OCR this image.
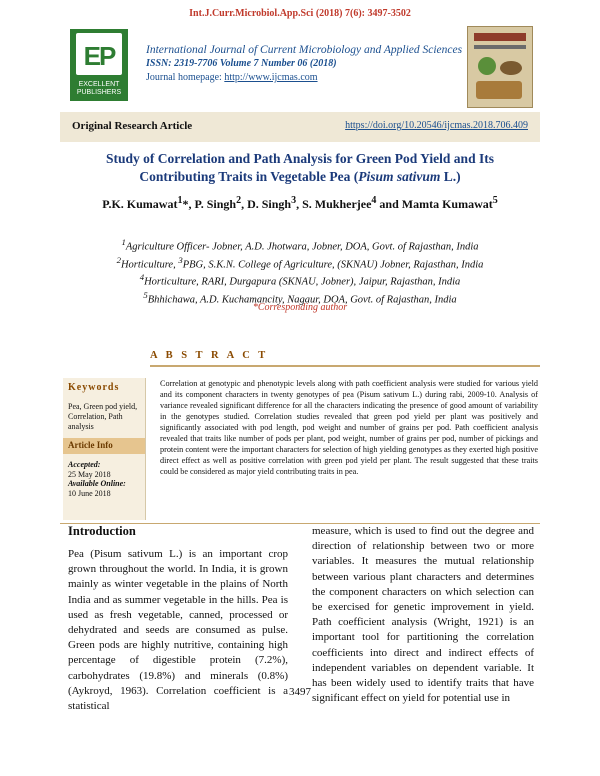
Int.J.Curr.Microbiol.App.Sci (2018) 7(6): 3497-3502
EP
EXCELLENT PUBLISHERS
International Journal of Current Microbiology and Applied Sciences
ISSN: 2319-7706 Volume 7 Number 06 (2018)
Journal homepage: http://www.ijcmas.com
Original Research Article	https://doi.org/10.20546/ijcmas.2018.706.409
Study of Correlation and Path Analysis for Green Pod Yield and Its
Contributing Traits in Vegetable Pea (Pisum sativum L.)
P.K. Kumawat$^1$*, P. Singh$^2$, D. Singh$^3$, S. Mukherjee$^4$ and Mamta Kumawat$^5$
$^1$Agriculture Officer- Jobner, A.D. Jhotwara, Jobner, DOA, Govt. of Rajasthan, India
$^2$Horticulture, $^3$PBG, S.K.N. College of Agriculture, (SKNAU) Jobner, Rajasthan, India
$^4$Horticulture, RARI, Durgapura (SKNAU, Jobner), Jaipur, Rajasthan, India
$^5$Bhhichawa, A.D. Kuchamancity, Nagaur, DOA, Govt. of Rajasthan, India
*Corresponding author
A B S T R A C T
Keywords
Pea, Green pod yield, Correlation, Path analysis
Article Info
Accepted:
25 May 2018
Available Online:
10 June 2018
Correlation at genotypic and phenotypic levels along with path coefficient analysis were studied for various yield and its component characters in twenty genotypes of pea (Pisum sativum L.) during rabi, 2009-10. Analysis of variance revealed significant difference for all the characters indicating the presence of good amount of variability in the genotypes studied. Correlation studies revealed that green pod yield per plant was positively and significantly associated with pod length, pod weight and number of grains per pod. Path coefficient analysis revealed that traits like number of pods per plant, pod weight, number of grains per pod, number of pickings and protein content were the important characters for selection of high yielding genotypes as they exerted high positive direct effect as well as positive correlation with green pod yield per plant. The result suggested that these traits could be considered as major yield contributing traits in pea.
Introduction
Pea (Pisum sativum L.) is an important crop grown throughout the world. In India, it is grown mainly as winter vegetable in the plains of North India and as summer vegetable in the hills. Pea is used as fresh vegetable, canned, processed or dehydrated and seeds are consumed as pulse. Green pods are highly nutritive, containing high percentage of digestible protein (7.2%), carbohydrates (19.8%) and minerals (0.8%) (Aykroyd, 1963). Correlation coefficient is a statistical
measure, which is used to find out the degree and direction of relationship between two or more variables. It measures the mutual relationship between various plant characters and determines the component characters on which selection can be exercised for genetic improvement in yield. Path coefficient analysis (Wright, 1921) is an important tool for partitioning the correlation coefficients into direct and indirect effects of independent variables on dependent variable. It has been widely used to identify traits that have significant effect on yield for potential use in
3497
